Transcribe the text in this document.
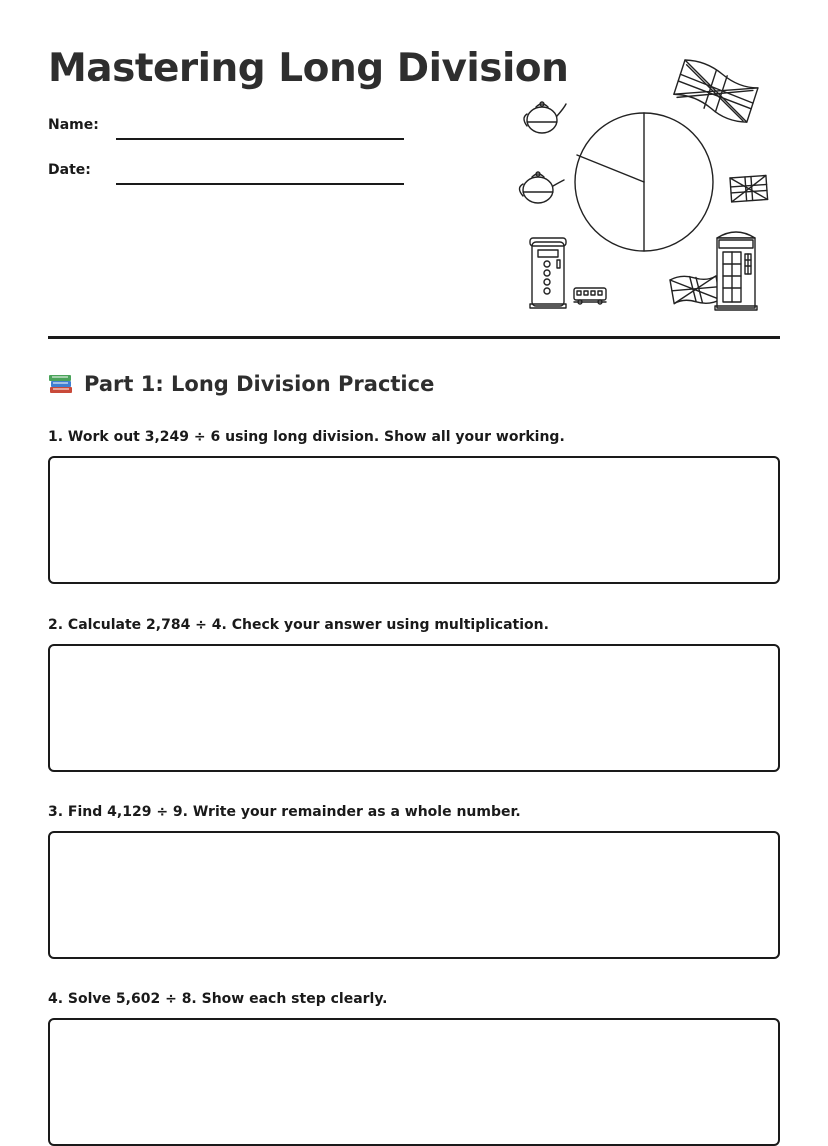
Mastering Long Division
Name:
Date:
Part 1: Long Division Practice

1. Work out 3,249 ÷ 6 using long division. Show all your working.

2. Calculate 2,784 ÷ 4. Check your answer using multiplication.

3. Find 4,129 ÷ 9. Write your remainder as a whole number.

4. Solve 5,602 ÷ 8. Show each step clearly.
